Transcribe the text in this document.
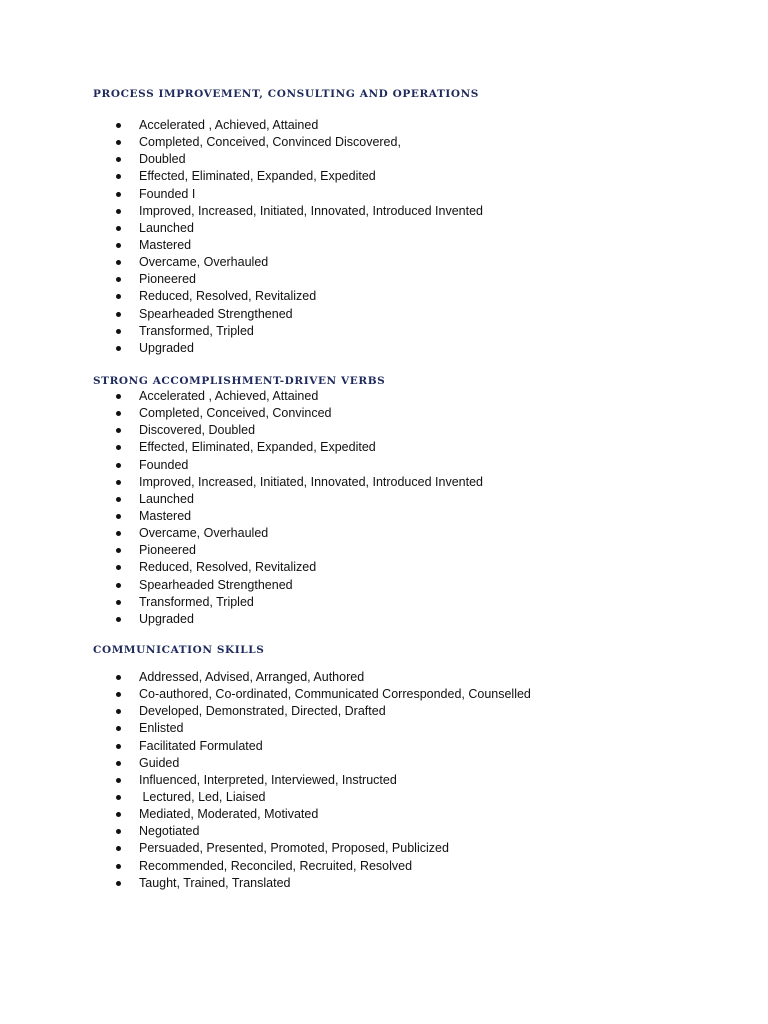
PROCESS IMPROVEMENT, CONSULTING AND OPERATIONS
Accelerated , Achieved, Attained
Completed, Conceived, Convinced Discovered,
Doubled
Effected, Eliminated, Expanded, Expedited
Founded I
Improved, Increased, Initiated, Innovated, Introduced Invented
Launched
Mastered
Overcame, Overhauled
Pioneered
Reduced, Resolved, Revitalized
Spearheaded Strengthened
Transformed, Tripled
Upgraded
STRONG ACCOMPLISHMENT-DRIVEN VERBS
Accelerated , Achieved, Attained
Completed, Conceived, Convinced
Discovered, Doubled
Effected, Eliminated, Expanded, Expedited
Founded
Improved, Increased, Initiated, Innovated, Introduced Invented
Launched
Mastered
Overcame, Overhauled
Pioneered
Reduced, Resolved, Revitalized
Spearheaded Strengthened
Transformed, Tripled
Upgraded
COMMUNICATION SKILLS
Addressed, Advised, Arranged, Authored
Co-authored, Co-ordinated, Communicated Corresponded, Counselled
Developed, Demonstrated, Directed, Drafted
Enlisted
Facilitated Formulated
Guided
Influenced, Interpreted, Interviewed, Instructed
Lectured, Led, Liaised
Mediated, Moderated, Motivated
Negotiated
Persuaded, Presented, Promoted, Proposed, Publicized
Recommended, Reconciled, Recruited, Resolved
Taught, Trained, Translated
